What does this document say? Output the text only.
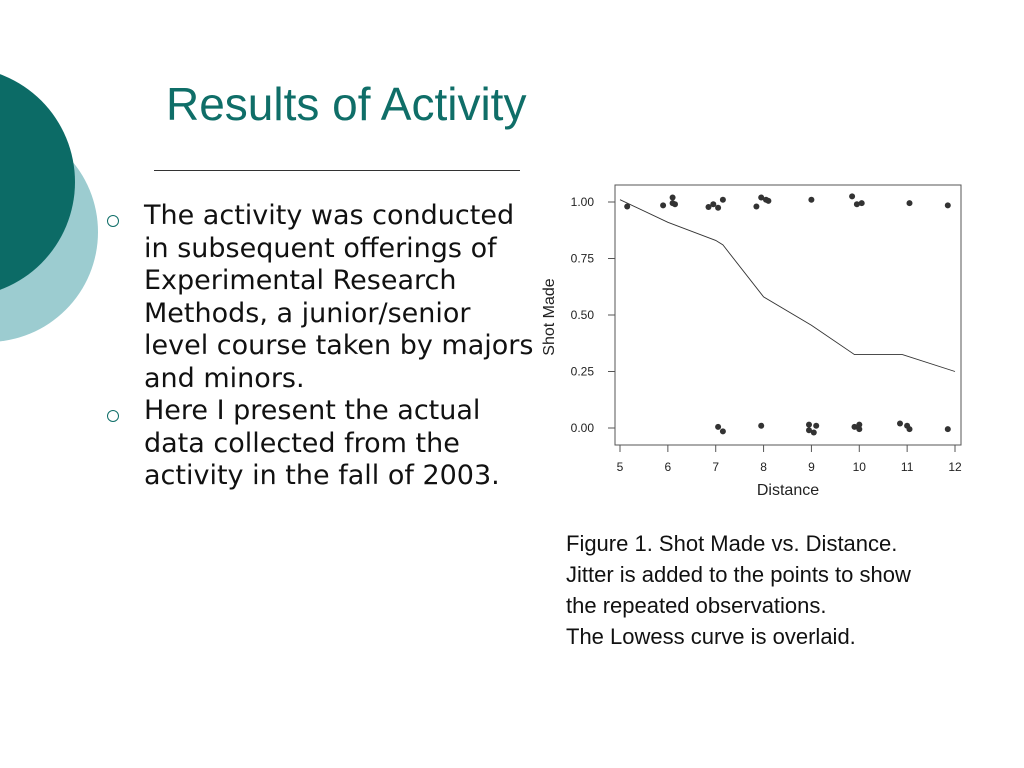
Results of Activity
The activity was conducted in subsequent offerings of Experimental Research Methods, a junior/senior level course taken by majors and minors.
Here I present the actual data collected from the activity in the fall of 2003.
0.00
0.25
0.50
0.75
1.00
5	6	7	8	9	10	11	12
Distance
Shot Made
Figure 1. Shot Made vs. Distance.
Jitter is added to the points to show
the repeated observations.
The Lowess curve is overlaid.
